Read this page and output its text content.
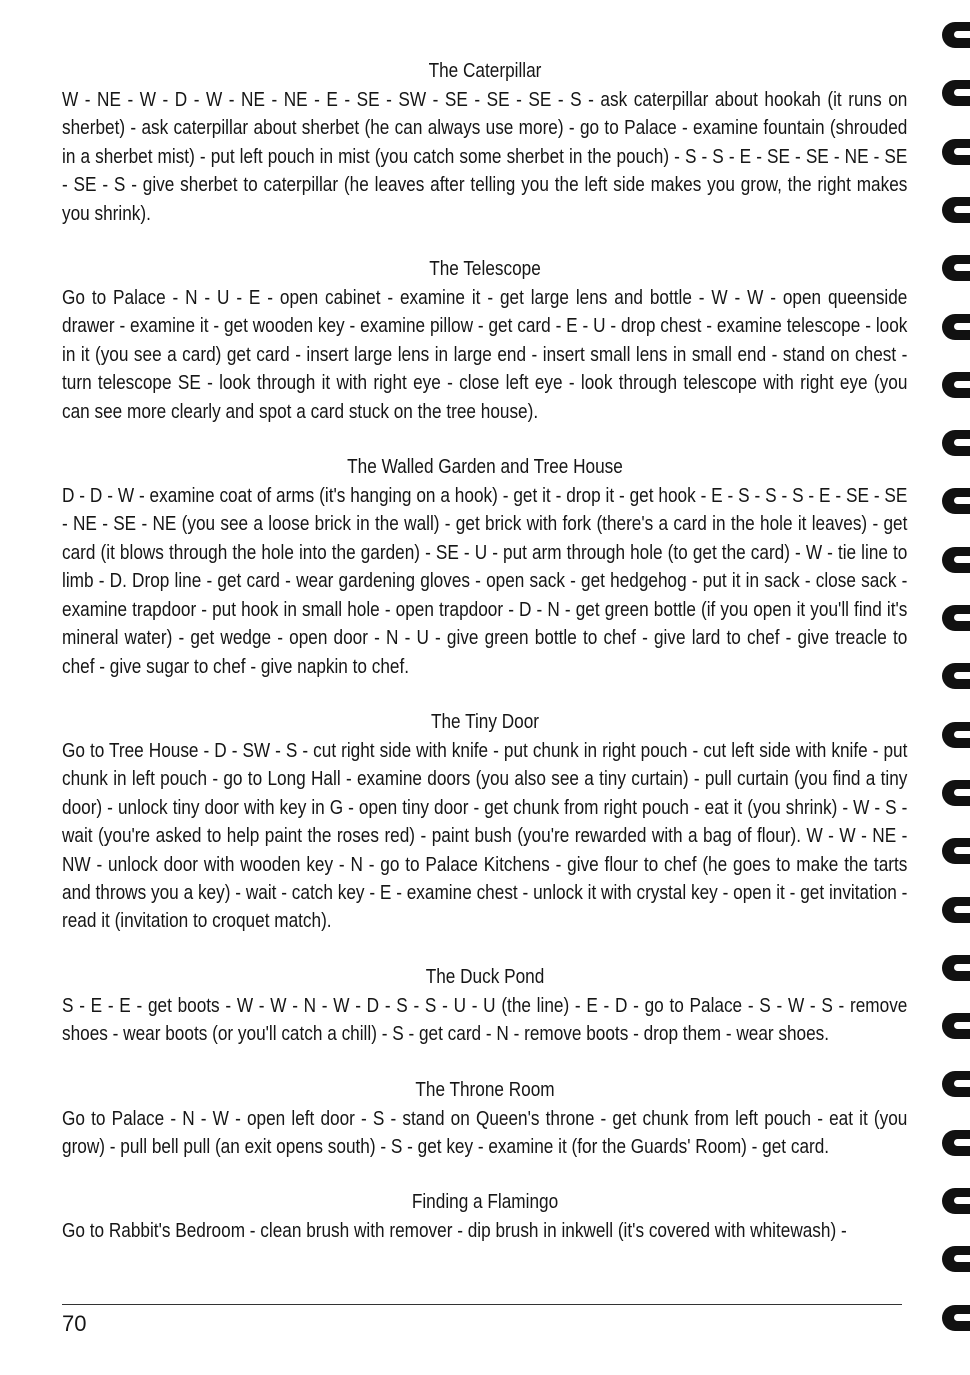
The Caterpillar

W - NE - W - D - W - NE - NE - E - SE - SW - SE - SE - SE - S - ask caterpillar about hookah (it runs on sherbet) - ask caterpillar about sherbet (he can always use more) - go to Palace - examine fountain (shrouded in a sherbet mist) - put left pouch in mist (you catch some sherbet in the pouch) - S - S - E - SE - SE - NE - SE - SE - S - give sherbet to caterpillar (he leaves after telling you the left side makes you grow, the right makes you shrink).

The Telescope

Go to Palace - N - U - E - open cabinet - examine it - get large lens and bottle - W - W - open queenside drawer - examine it - get wooden key - examine pillow - get card - E - U - drop chest - examine telescope - look in it (you see a card) get card - insert large lens in large end - insert small lens in small end - stand on chest - turn telescope SE - look through it with right eye - close left eye - look through telescope with right eye (you can see more clearly and spot a card stuck on the tree house).

The Walled Garden and Tree House

D - D - W - examine coat of arms (it's hanging on a hook) - get it - drop it - get hook - E - S - S - S - E - SE - SE - NE - SE - NE (you see a loose brick in the wall) - get brick with fork (there's a card in the hole it leaves) - get card (it blows through the hole into the garden) - SE - U - put arm through hole (to get the card) - W - tie line to limb - D. Drop line - get card - wear gardening gloves - open sack - get hedgehog - put it in sack - close sack - examine trapdoor - put hook in small hole - open trapdoor - D - N - get green bottle (if you open it you'll find it's mineral water) - get wedge - open door - N - U - give green bottle to chef - give lard to chef - give treacle to chef - give sugar to chef - give napkin to chef.

The Tiny Door

Go to Tree House - D - SW - S - cut right side with knife - put chunk in right pouch - cut left side with knife - put chunk in left pouch - go to Long Hall - examine doors (you also see a tiny curtain) - pull curtain (you find a tiny door) - unlock tiny door with key in G - open tiny door - get chunk from right pouch - eat it (you shrink) - W - S - wait (you're asked to help paint the roses red) - paint bush (you're rewarded with a bag of flour). W - W - NE - NW - unlock door with wooden key - N - go to Palace Kitchens - give flour to chef (he goes to make the tarts and throws you a key) - wait - catch key - E - examine chest - unlock it with crystal key - open it - get invitation - read it (invitation to croquet match).

The Duck Pond

S - E - E - get boots - W - W - N - W - D - S - S - U - U (the line) - E - D - go to Palace - S - W - S - remove shoes - wear boots (or you'll catch a chill) - S - get card - N - remove boots - drop them - wear shoes.

The Throne Room

Go to Palace - N - W - open left door - S - stand on Queen's throne - get chunk from left pouch - eat it (you grow) - pull bell pull (an exit opens south) - S - get key - examine it (for the Guards' Room) - get card.

Finding a Flamingo

Go to Rabbit's Bedroom - clean brush with remover - dip brush in inkwell (it's covered with whitewash) -

70
